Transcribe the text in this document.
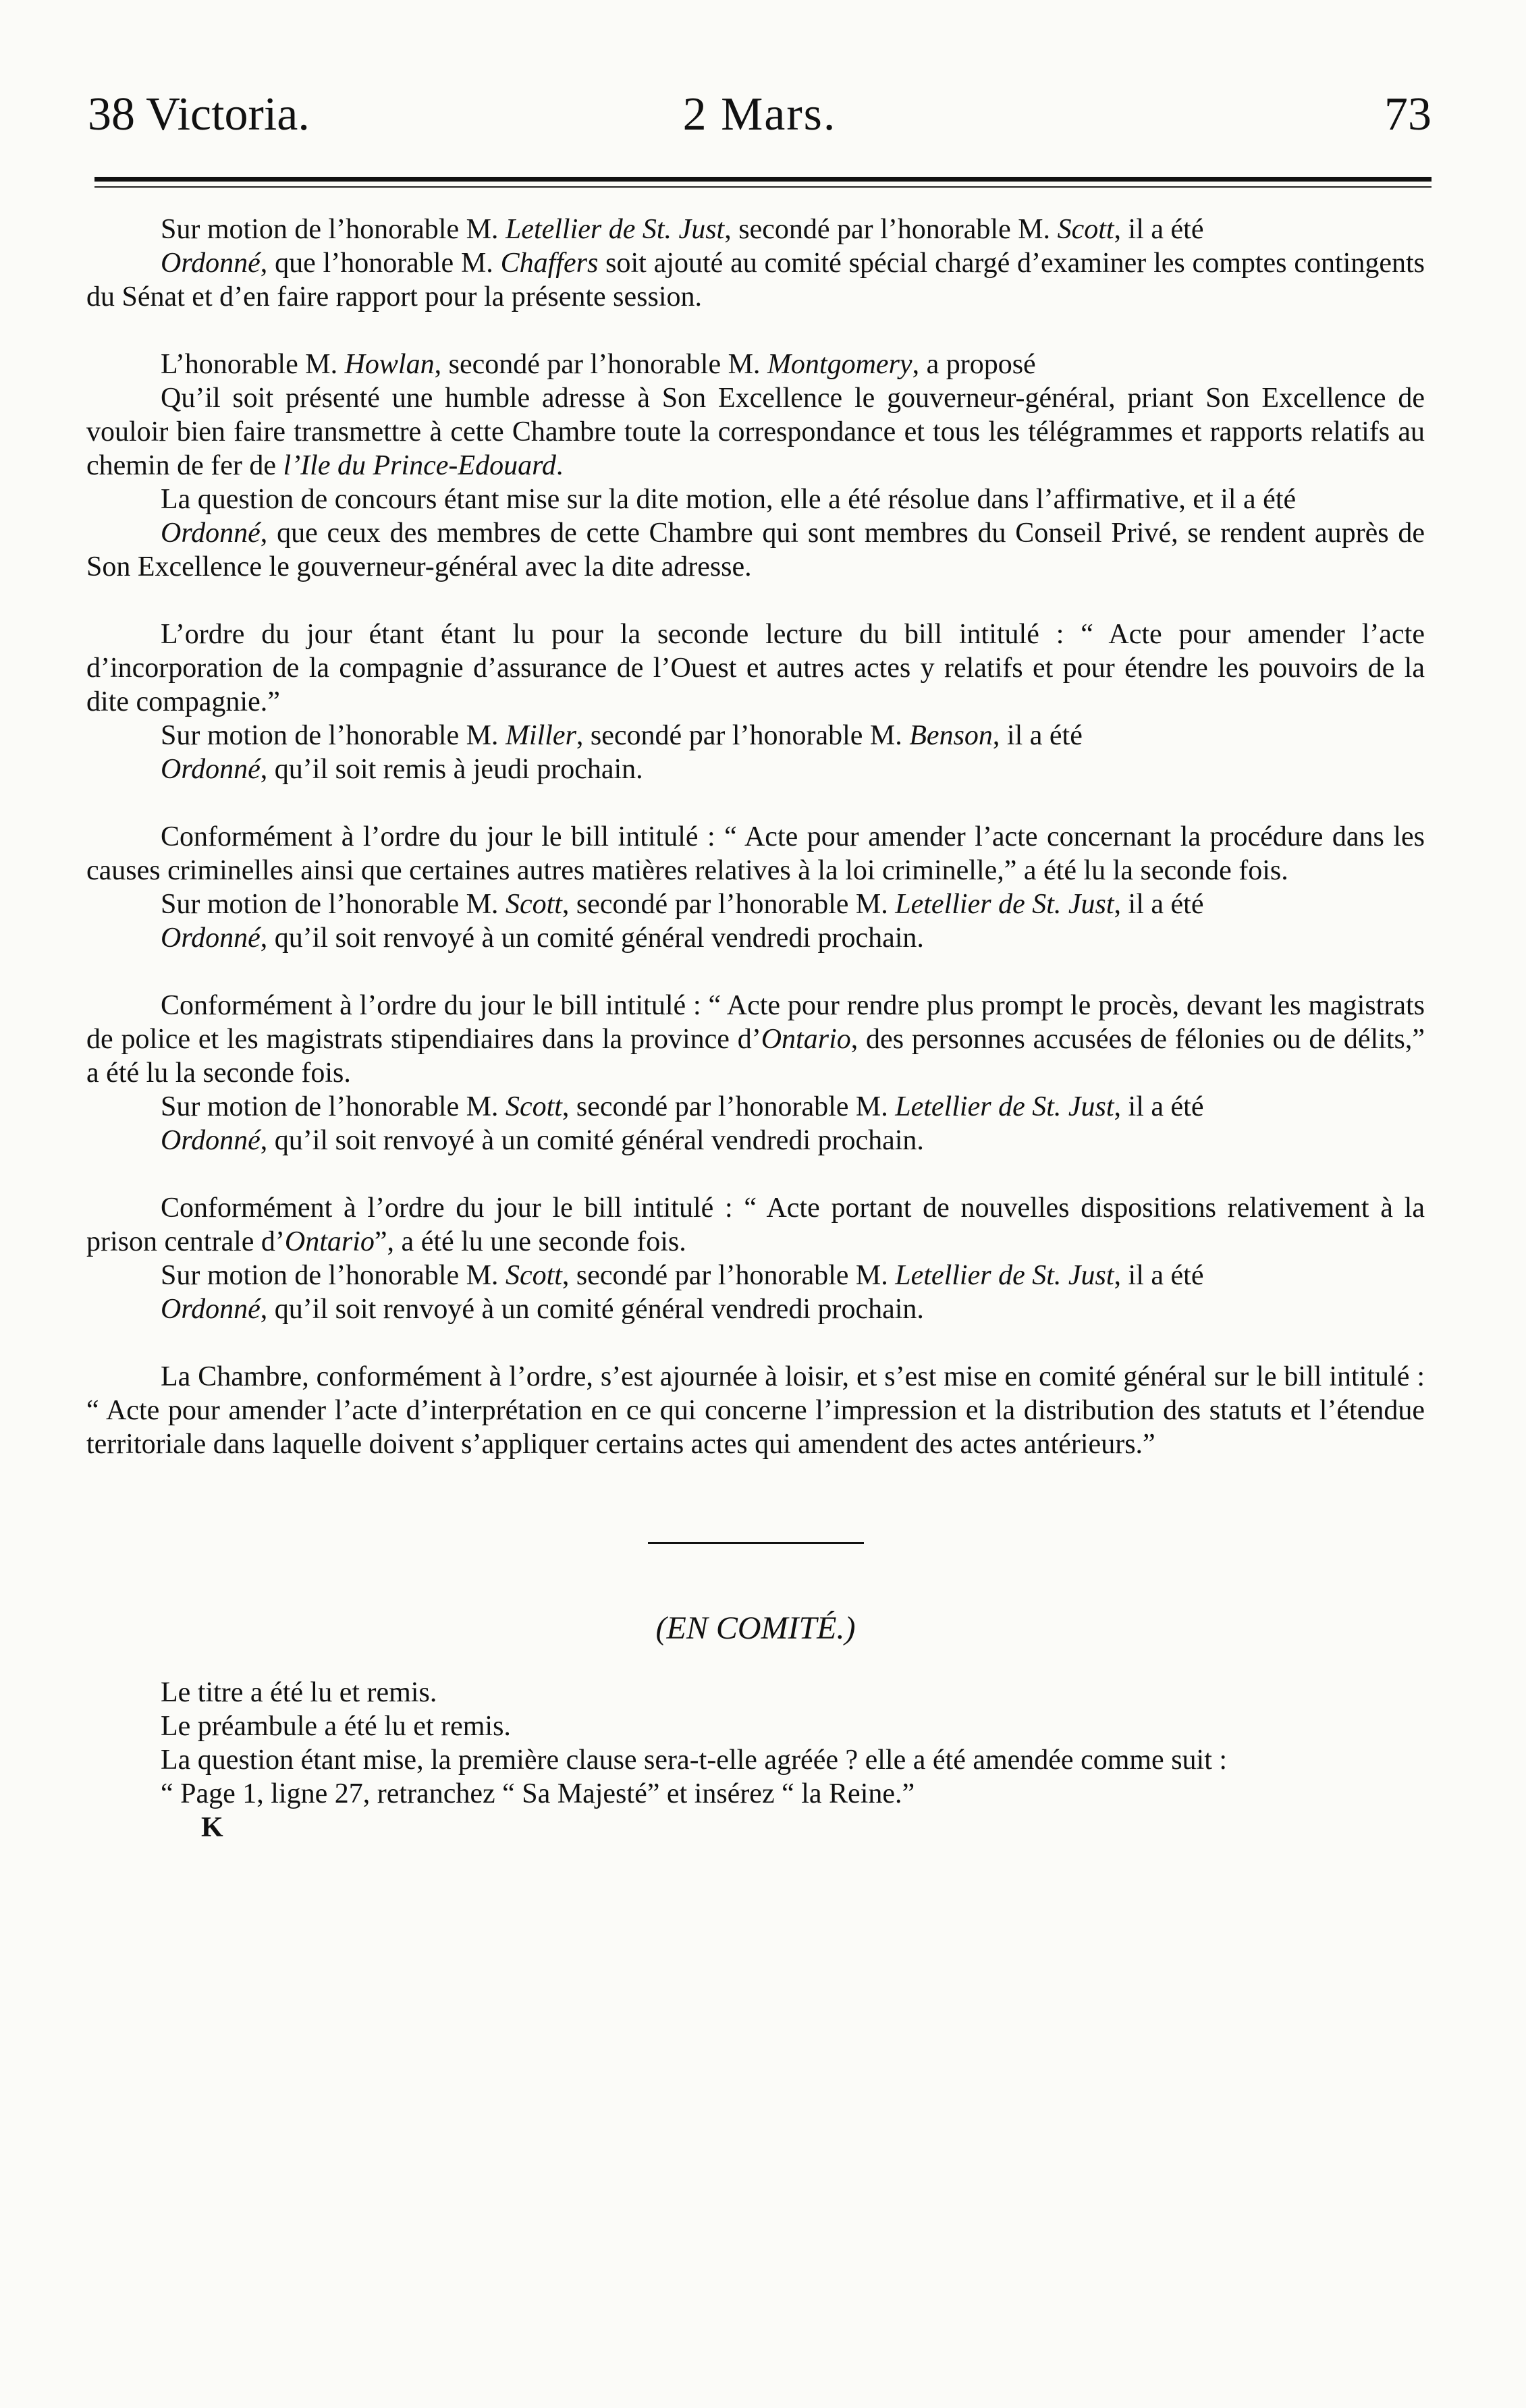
38 Victoria.	2 Mars.	73

Sur motion de l’honorable M. Letellier de St. Just, secondé par l’honorable M. Scott, il a été

Ordonné, que l’honorable M. Chaffers soit ajouté au comité spécial chargé d’examiner les comptes contingents du Sénat et d’en faire rapport pour la présente session.

L’honorable M. Howlan, secondé par l’honorable M. Montgomery, a proposé

Qu’il soit présenté une humble adresse à Son Excellence le gouverneur-général, priant Son Excellence de vouloir bien faire transmettre à cette Chambre toute la correspondance et tous les télégrammes et rapports relatifs au chemin de fer de l’Ile du Prince-Edouard.

La question de concours étant mise sur la dite motion, elle a été résolue dans l’affirmative, et il a été

Ordonné, que ceux des membres de cette Chambre qui sont membres du Conseil Privé, se rendent auprès de Son Excellence le gouverneur-général avec la dite adresse.

L’ordre du jour étant étant lu pour la seconde lecture du bill intitulé : “ Acte pour amender l’acte d’incorporation de la compagnie d’assurance de l’Ouest et autres actes y relatifs et pour étendre les pouvoirs de la dite compagnie.”

Sur motion de l’honorable M. Miller, secondé par l’honorable M. Benson, il a été

Ordonné, qu’il soit remis à jeudi prochain.

Conformément à l’ordre du jour le bill intitulé : “ Acte pour amender l’acte concernant la procédure dans les causes criminelles ainsi que certaines autres matières relatives à la loi criminelle,” a été lu la seconde fois.

Sur motion de l’honorable M. Scott, secondé par l’honorable M. Letellier de St. Just, il a été

Ordonné, qu’il soit renvoyé à un comité général vendredi prochain.

Conformément à l’ordre du jour le bill intitulé : “ Acte pour rendre plus prompt le procès, devant les magistrats de police et les magistrats stipendiaires dans la province d’Ontario, des personnes accusées de félonies ou de délits,” a été lu la seconde fois.

Sur motion de l’honorable M. Scott, secondé par l’honorable M. Letellier de St. Just, il a été

Ordonné, qu’il soit renvoyé à un comité général vendredi prochain.

Conformément à l’ordre du jour le bill intitulé : “ Acte portant de nouvelles dispositions relativement à la prison centrale d’Ontario”, a été lu une seconde fois.

Sur motion de l’honorable M. Scott, secondé par l’honorable M. Letellier de St. Just, il a été

Ordonné, qu’il soit renvoyé à un comité général vendredi prochain.

La Chambre, conformément à l’ordre, s’est ajournée à loisir, et s’est mise en comité général sur le bill intitulé : “ Acte pour amender l’acte d’interprétation en ce qui concerne l’impression et la distribution des statuts et l’étendue territoriale dans laquelle doivent s’appliquer certains actes qui amendent des actes antérieurs.”

(EN COMITÉ.)

Le titre a été lu et remis.

Le préambule a été lu et remis.

La question étant mise, la première clause sera-t-elle agréée ? elle a été amendée comme suit :

“ Page 1, ligne 27, retranchez “ Sa Majesté” et insérez “ la Reine.”

K
